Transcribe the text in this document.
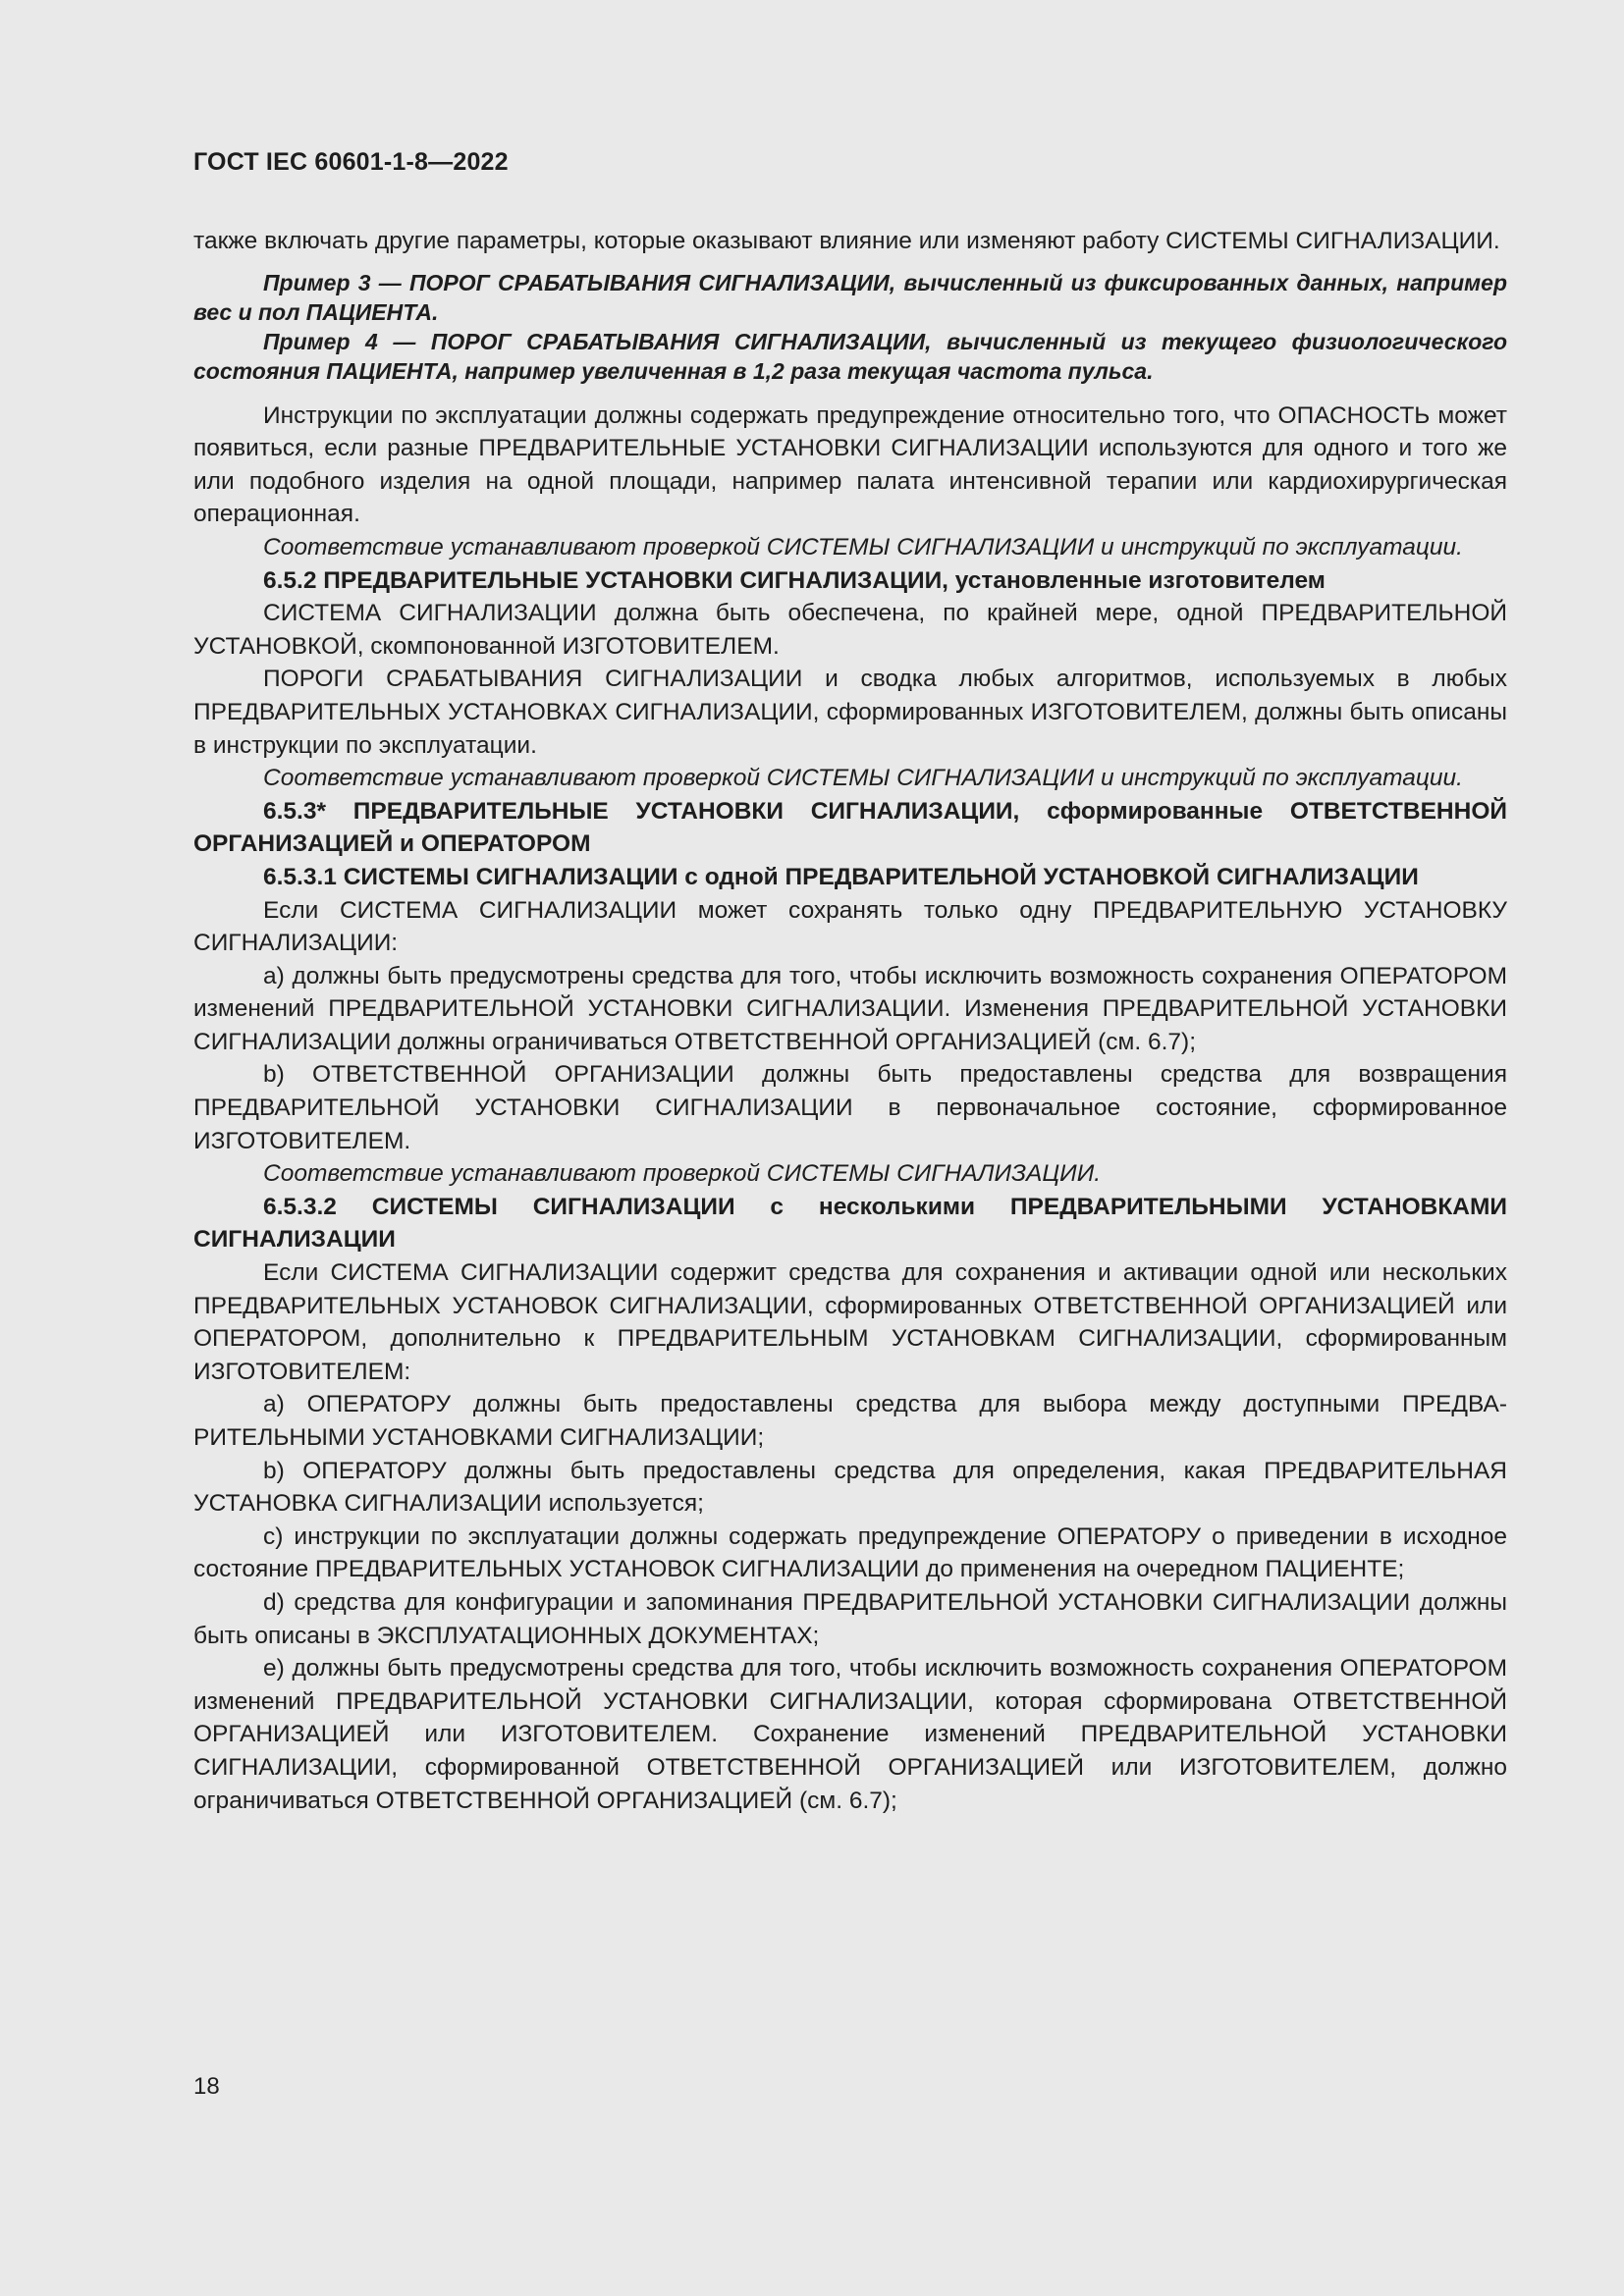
ГОСТ IEC 60601-1-8—2022

также включать другие параметры, которые оказывают влияние или изменяют работу СИСТЕМЫ СИГНАЛИЗАЦИИ.

Пример 3 — ПОРОГ СРАБАТЫВАНИЯ СИГНАЛИЗАЦИИ, вычисленный из фиксированных данных, например вес и пол ПАЦИЕНТА.

Пример 4 — ПОРОГ СРАБАТЫВАНИЯ СИГНАЛИЗАЦИИ, вычисленный из текущего физиологического состояния ПАЦИЕНТА, например увеличенная в 1,2 раза текущая частота пульса.

Инструкции по эксплуатации должны содержать предупреждение относительно того, что ОПАСНОСТЬ может появиться, если разные ПРЕДВАРИТЕЛЬНЫЕ УСТАНОВКИ СИГНАЛИЗАЦИИ используются для одного и того же или подобного изделия на одной площади, например палата интенсивной терапии или кардиохирургическая операционная.

Соответствие устанавливают проверкой СИСТЕМЫ СИГНАЛИЗАЦИИ и инструкций по эксплуатации.

6.5.2 ПРЕДВАРИТЕЛЬНЫЕ УСТАНОВКИ СИГНАЛИЗАЦИИ, установленные изготовителем

СИСТЕМА СИГНАЛИЗАЦИИ должна быть обеспечена, по крайней мере, одной ПРЕДВАРИТЕЛЬНОЙ УСТАНОВКОЙ, скомпонованной ИЗГОТОВИТЕЛЕМ.

ПОРОГИ СРАБАТЫВАНИЯ СИГНАЛИЗАЦИИ и сводка любых алгоритмов, используемых в любых ПРЕДВАРИТЕЛЬНЫХ УСТАНОВКАХ СИГНАЛИЗАЦИИ, сформированных ИЗГОТОВИТЕЛЕМ, должны быть описаны в инструкции по эксплуатации.

Соответствие устанавливают проверкой СИСТЕМЫ СИГНАЛИЗАЦИИ и инструкций по эксплуатации.

6.5.3* ПРЕДВАРИТЕЛЬНЫЕ УСТАНОВКИ СИГНАЛИЗАЦИИ, сформированные ОТВЕТСТВЕННОЙ ОРГАНИЗАЦИЕЙ и ОПЕРАТОРОМ

6.5.3.1 СИСТЕМЫ СИГНАЛИЗАЦИИ с одной ПРЕДВАРИТЕЛЬНОЙ УСТАНОВКОЙ СИГНАЛИЗАЦИИ

Если СИСТЕМА СИГНАЛИЗАЦИИ может сохранять только одну ПРЕДВАРИТЕЛЬНУЮ УСТАНОВКУ СИГНАЛИЗАЦИИ:

a) должны быть предусмотрены средства для того, чтобы исключить возможность сохранения ОПЕРАТОРОМ изменений ПРЕДВАРИТЕЛЬНОЙ УСТАНОВКИ СИГНАЛИЗАЦИИ. Изменения ПРЕДВАРИТЕЛЬНОЙ УСТАНОВКИ СИГНАЛИЗАЦИИ должны ограничиваться ОТВЕТСТВЕННОЙ ОРГАНИЗАЦИЕЙ (см. 6.7);

b) ОТВЕТСТВЕННОЙ ОРГАНИЗАЦИИ должны быть предоставлены средства для возвращения ПРЕДВАРИТЕЛЬНОЙ УСТАНОВКИ СИГНАЛИЗАЦИИ в первоначальное состояние, сформированное ИЗГОТОВИТЕЛЕМ.

Соответствие устанавливают проверкой СИСТЕМЫ СИГНАЛИЗАЦИИ.

6.5.3.2 СИСТЕМЫ СИГНАЛИЗАЦИИ с несколькими ПРЕДВАРИТЕЛЬНЫМИ УСТАНОВКАМИ СИГНАЛИЗАЦИИ

Если СИСТЕМА СИГНАЛИЗАЦИИ содержит средства для сохранения и активации одной или нескольких ПРЕДВАРИТЕЛЬНЫХ УСТАНОВОК СИГНАЛИЗАЦИИ, сформированных ОТВЕТСТВЕННОЙ ОРГАНИЗАЦИЕЙ или ОПЕРАТОРОМ, дополнительно к ПРЕДВАРИТЕЛЬНЫМ УСТАНОВКАМ СИГНАЛИЗАЦИИ, сформированным ИЗГОТОВИТЕЛЕМ:

a) ОПЕРАТОРУ должны быть предоставлены средства для выбора между доступными ПРЕДВАРИТЕЛЬНЫМИ УСТАНОВКАМИ СИГНАЛИЗАЦИИ;

b) ОПЕРАТОРУ должны быть предоставлены средства для определения, какая ПРЕДВАРИТЕЛЬНАЯ УСТАНОВКА СИГНАЛИЗАЦИИ используется;

c) инструкции по эксплуатации должны содержать предупреждение ОПЕРАТОРУ о приведении в исходное состояние ПРЕДВАРИТЕЛЬНЫХ УСТАНОВОК СИГНАЛИЗАЦИИ до применения на очередном ПАЦИЕНТЕ;

d) средства для конфигурации и запоминания ПРЕДВАРИТЕЛЬНОЙ УСТАНОВКИ СИГНАЛИЗАЦИИ должны быть описаны в ЭКСПЛУАТАЦИОННЫХ ДОКУМЕНТАХ;

e) должны быть предусмотрены средства для того, чтобы исключить возможность сохранения ОПЕРАТОРОМ изменений ПРЕДВАРИТЕЛЬНОЙ УСТАНОВКИ СИГНАЛИЗАЦИИ, которая сформирована ОТВЕТСТВЕННОЙ ОРГАНИЗАЦИЕЙ или ИЗГОТОВИТЕЛЕМ. Сохранение изменений ПРЕДВАРИТЕЛЬНОЙ УСТАНОВКИ СИГНАЛИЗАЦИИ, сформированной ОТВЕТСТВЕННОЙ ОРГАНИЗАЦИЕЙ или ИЗГОТОВИТЕЛЕМ, должно ограничиваться ОТВЕТСТВЕННОЙ ОРГАНИЗАЦИЕЙ (см. 6.7);

18
